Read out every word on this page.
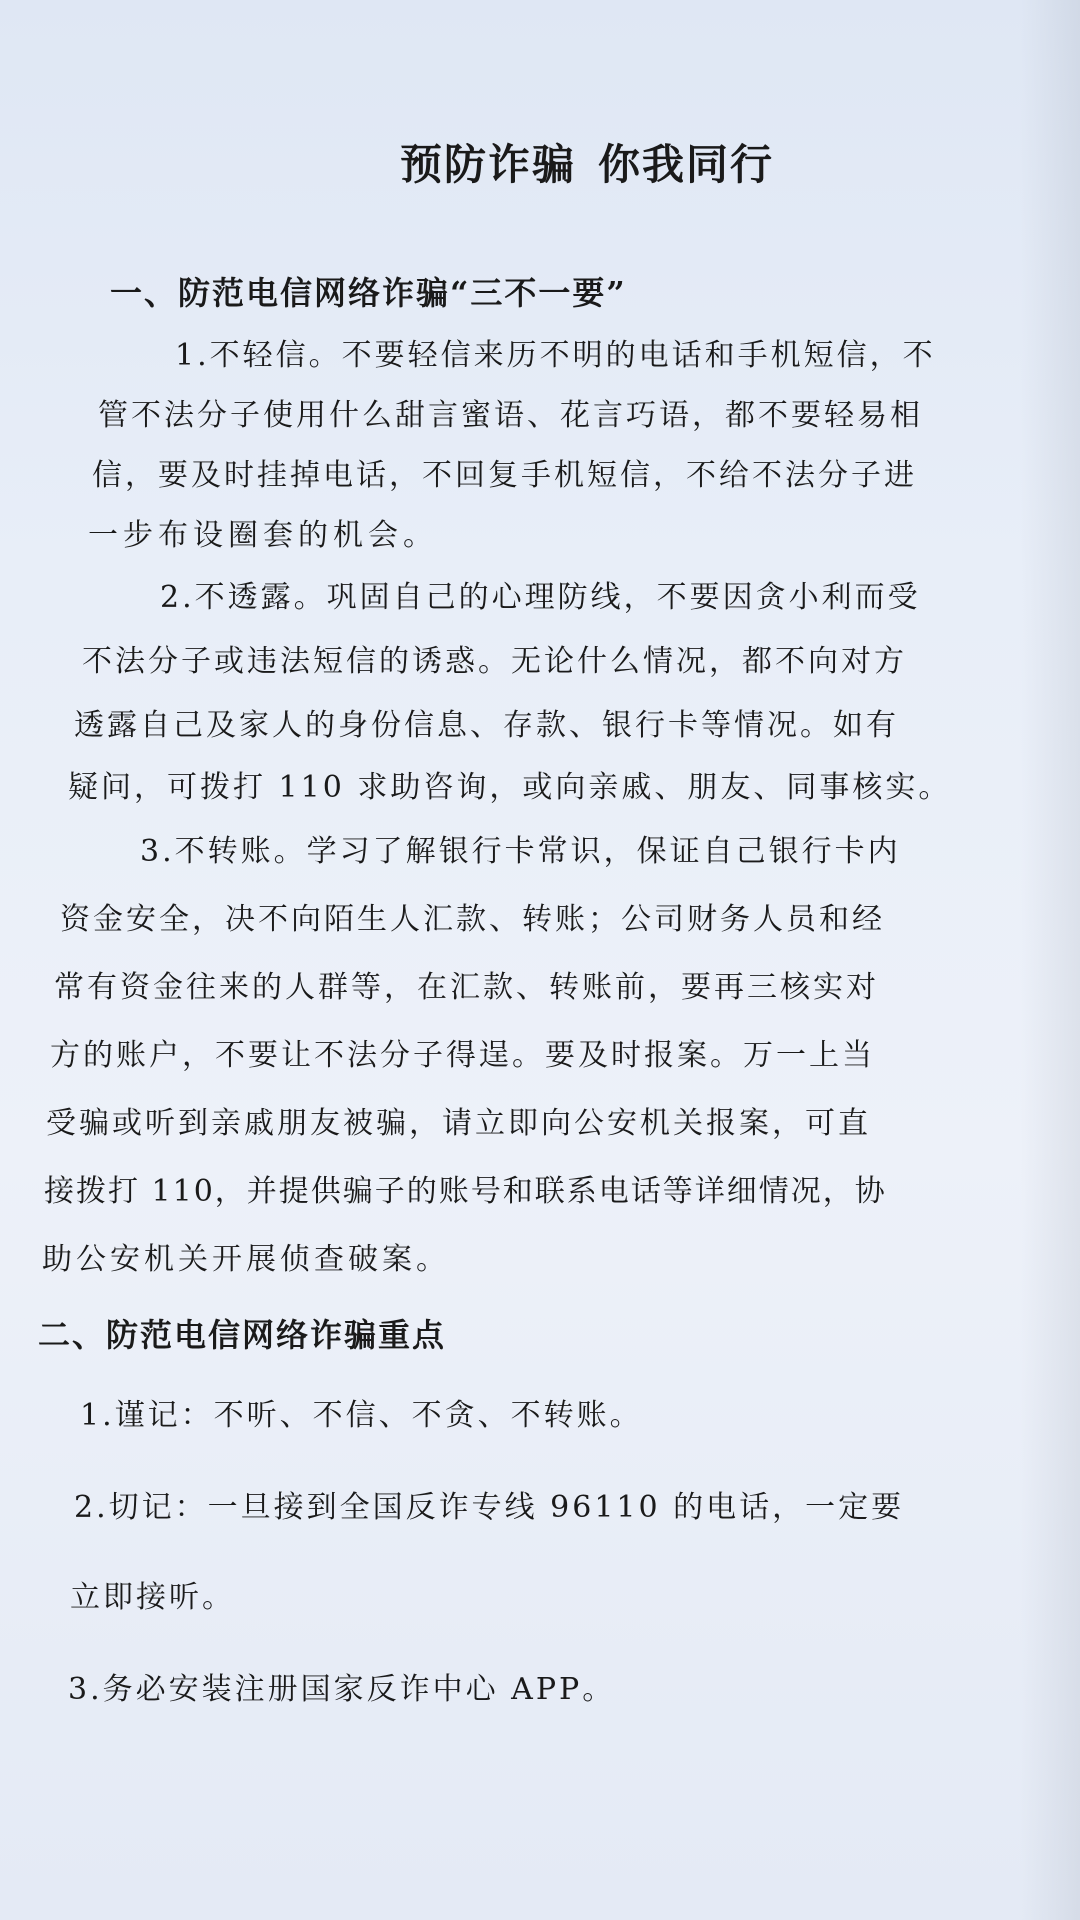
预防诈骗 你我同行
一、防范电信网络诈骗“三不一要”
1.不轻信。不要轻信来历不明的电话和手机短信，不
管不法分子使用什么甜言蜜语、花言巧语，都不要轻易相
信，要及时挂掉电话，不回复手机短信，不给不法分子进
一步布设圈套的机会。
2.不透露。巩固自己的心理防线，不要因贪小利而受
不法分子或违法短信的诱惑。无论什么情况，都不向对方
透露自己及家人的身份信息、存款、银行卡等情况。如有
疑问，可拨打 110 求助咨询，或向亲戚、朋友、同事核实。
3.不转账。学习了解银行卡常识，保证自己银行卡内
资金安全，决不向陌生人汇款、转账；公司财务人员和经
常有资金往来的人群等，在汇款、转账前，要再三核实对
方的账户，不要让不法分子得逞。要及时报案。万一上当
受骗或听到亲戚朋友被骗，请立即向公安机关报案，可直
接拨打 110，并提供骗子的账号和联系电话等详细情况，协
助公安机关开展侦查破案。
二、防范电信网络诈骗重点
1.谨记：不听、不信、不贪、不转账。
2.切记：一旦接到全国反诈专线 96110 的电话，一定要
立即接听。
3.务必安装注册国家反诈中心 APP。
